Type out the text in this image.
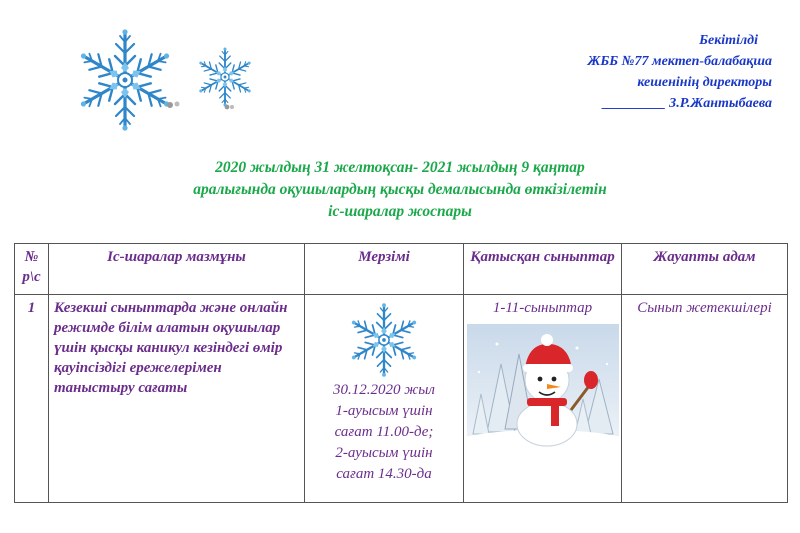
Бекітілді
ЖББ №77 мектеп-балабақша
кешенінің директоры
_________ З.Р.Жантыбаева
2020 жылдың 31 желтоқсан- 2021 жылдың 9 қаңтар
аралығында оқушылардың қысқы демалысында өткізілетін
іс-шаралар жоспары
№ р\с	Іс-шаралар мазмұны	Мерзімі	Қатысқан сыныптар	Жауапты адам
1	Кезекші сыныптарда және онлайн режимде білім алатын оқушылар үшін қысқы каникул кезіндегі өмір қауіпсіздігі ережелерімен таныстыру сағаты	30.12.2020 жыл
1-ауысым үшін
сағат 11.00-де;
2-ауысым үшін
сағат 14.30-да	1-11-сыныптар	Сынып жетекшілері
